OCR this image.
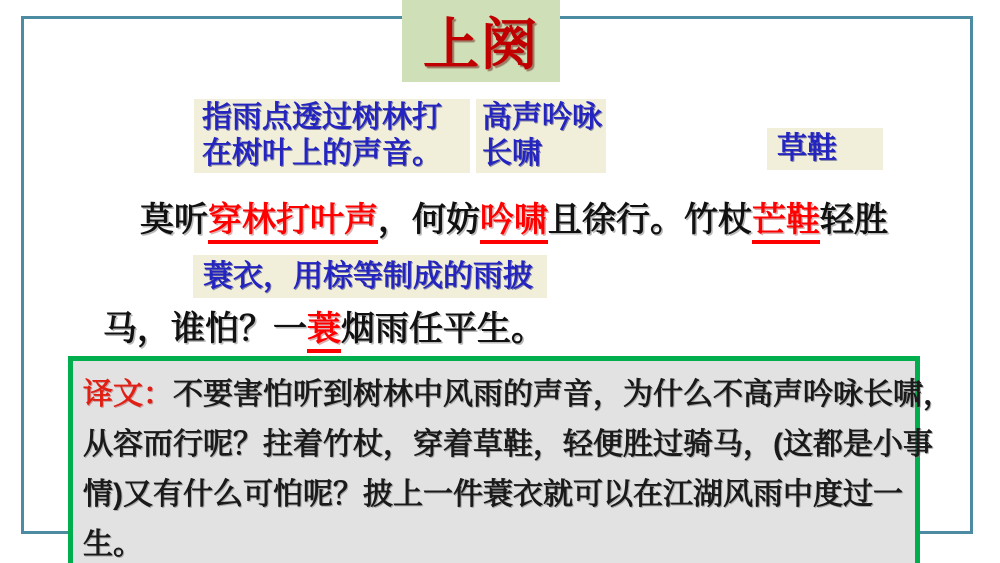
上阕
指雨点透过树林打
在树叶上的声音。
高声吟咏
长啸	草鞋
莫听穿林打叶声，何妨吟啸且徐行。竹杖芒鞋轻胜
蓑衣，用棕等制成的雨披
马，谁怕？一蓑烟雨任平生。
译文：不要害怕听到树林中风雨的声音，为什么不高声吟咏长啸，
从容而行呢？拄着竹杖，穿着草鞋，轻便胜过骑马，(这都是小事
情)又有什么可怕呢？披上一件蓑衣就可以在江湖风雨中度过一
生。
